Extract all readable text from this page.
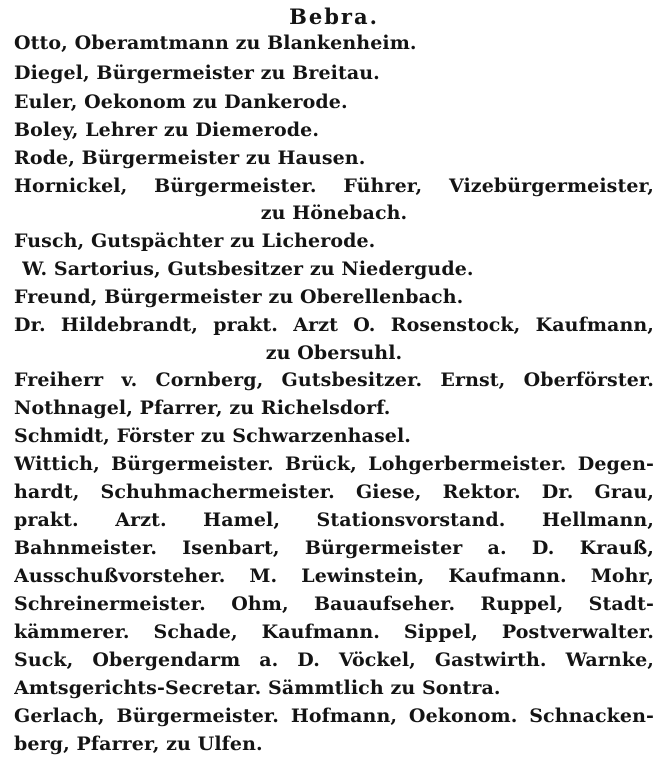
Bebra.
Otto, Oberamtmann zu Blankenheim.
Diegel, Bürgermeister zu Breitau.
Euler, Oekonom zu Dankerode.
Boley, Lehrer zu Diemerode.
Rode, Bürgermeister zu Hausen.
Hornickel, Bürgermeister. Führer, Vizebürgermeister,
zu Hönebach.
Fusch, Gutspächter zu Licherode.
W. Sartorius, Gutsbesitzer zu Niedergude.
Freund, Bürgermeister zu Oberellenbach.
Dr. Hildebrandt, prakt. Arzt O. Rosenstock, Kaufmann,
zu Obersuhl.
Freiherr v. Cornberg, Gutsbesitzer. Ernst, Oberförster.
Nothnagel, Pfarrer, zu Richelsdorf.
Schmidt, Förster zu Schwarzenhasel.
Wittich, Bürgermeister. Brück, Lohgerbermeister. Degen-
hardt, Schuhmachermeister. Giese, Rektor. Dr. Grau,
prakt. Arzt. Hamel, Stationsvorstand. Hellmann,
Bahnmeister. Isenbart, Bürgermeister a. D. Krauß,
Ausschußvorsteher. M. Lewinstein, Kaufmann. Mohr,
Schreinermeister. Ohm, Bauaufseher. Ruppel, Stadt-
kämmerer. Schade, Kaufmann. Sippel, Postverwalter.
Suck, Obergendarm a. D. Vöckel, Gastwirth. Warnke,
Amtsgerichts-Secretar. Sämmtlich zu Sontra.
Gerlach, Bürgermeister. Hofmann, Oekonom. Schnacken-
berg, Pfarrer, zu Ulfen.
